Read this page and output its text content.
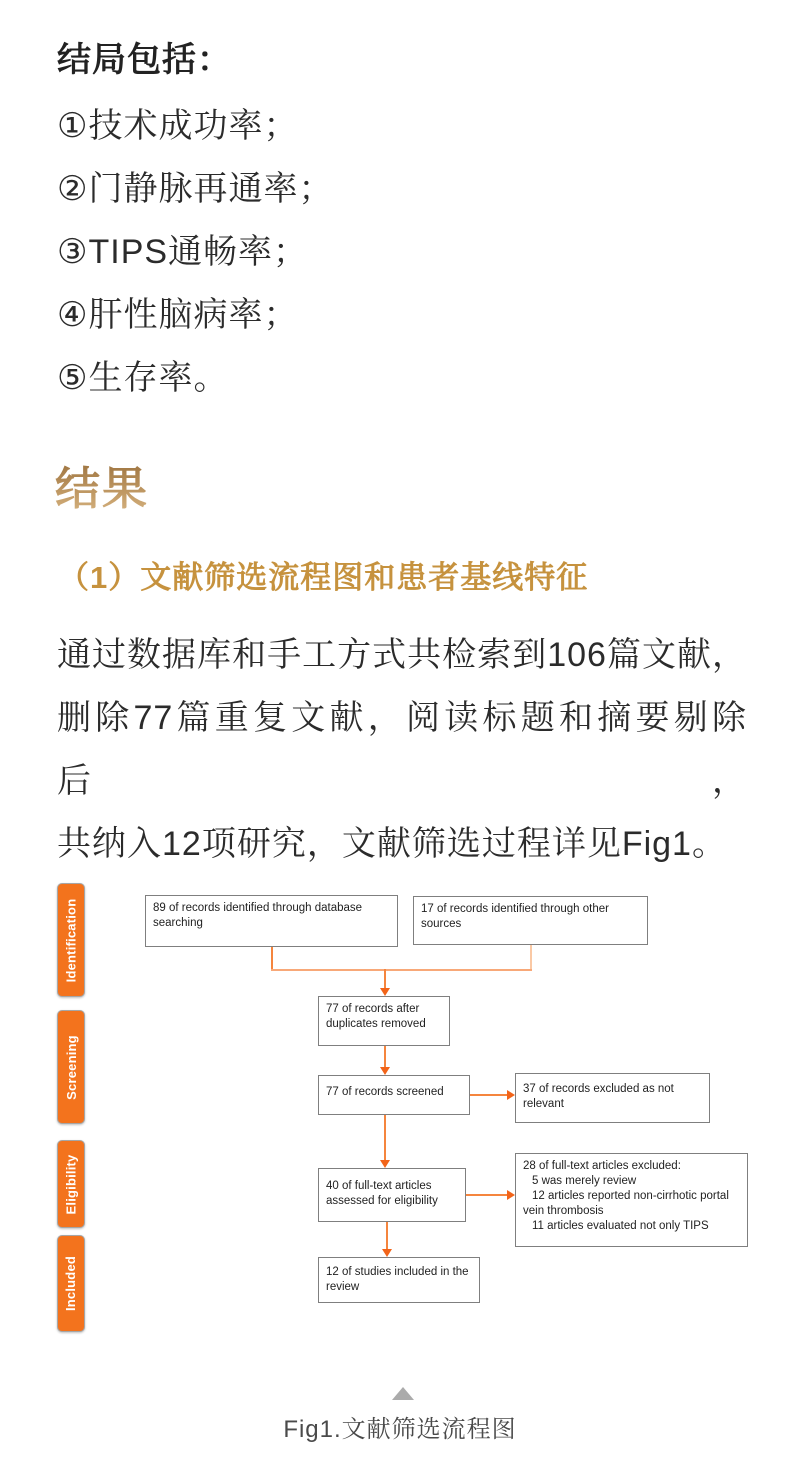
结局包括：
①技术成功率；
②门静脉再通率；
③TIPS通畅率；
④肝性脑病率；
⑤生存率。
结果
（1）文献筛选流程图和患者基线特征
通过数据库和手工方式共检索到106篇文献，
删除77篇重复文献，阅读标题和摘要剔除后，
共纳入12项研究，文献筛选过程详见Fig1。
Identification
Screening
Eligibility
Included
89 of records identified through database searching
17 of records identified through other sources
77 of records after duplicates removed
77 of records screened	37 of records excluded as not relevant
40 of full-text articles assessed for eligibility
28 of full-text articles excluded:
5 was merely review
12 articles reported non-cirrhotic portal vein thrombosis
11 articles evaluated not only TIPS
12 of studies included in the review
Fig1.文献筛选流程图
